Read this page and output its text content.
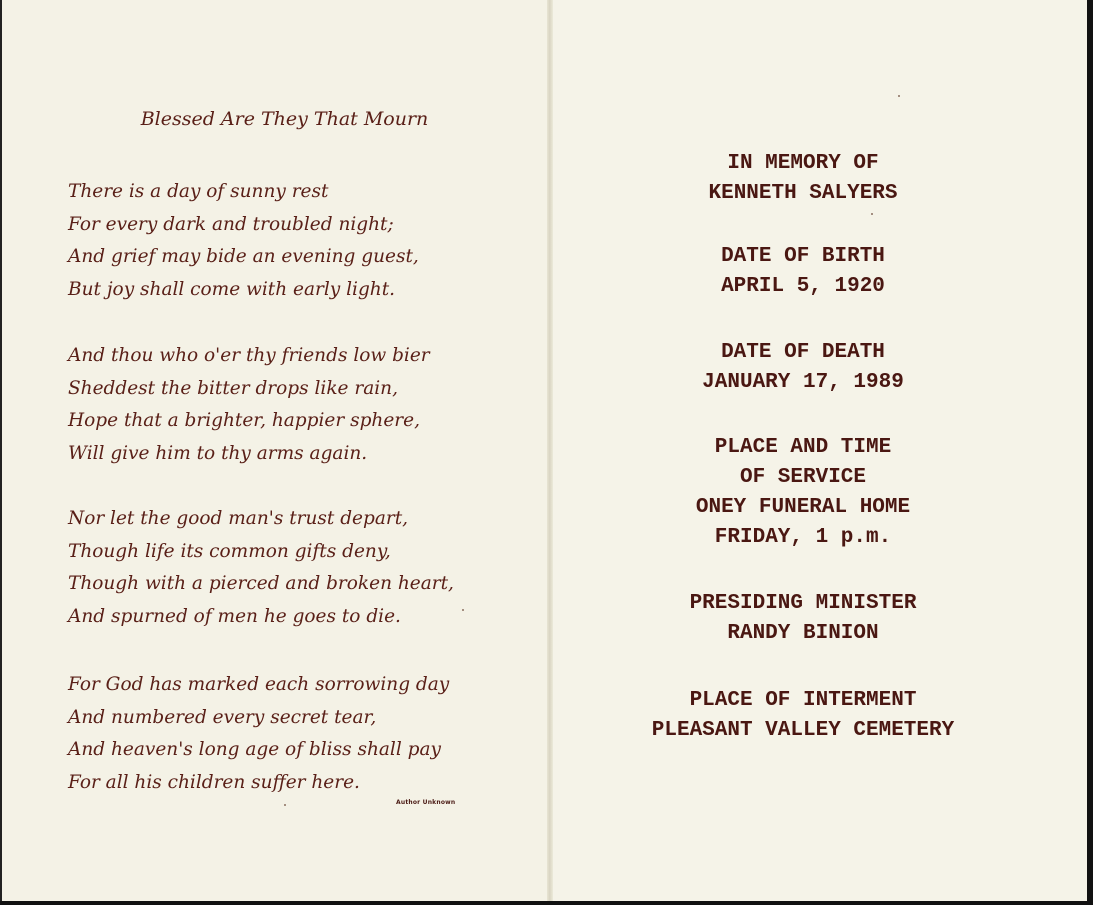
Blessed Are They That Mourn
There is a day of sunny rest
For every dark and troubled night;
And grief may bide an evening guest,
But joy shall come with early light.
And thou who o'er thy friends low bier
Sheddest the bitter drops like rain,
Hope that a brighter, happier sphere,
Will give him to thy arms again.
Nor let the good man's trust depart,
Though life its common gifts deny,
Though with a pierced and broken heart,
And spurned of men he goes to die.
For God has marked each sorrowing day
And numbered every secret tear,
And heaven's long age of bliss shall pay
For all his children suffer here.
Author Unknown
IN MEMORY OF
KENNETH SALYERS
DATE OF BIRTH
APRIL 5, 1920
DATE OF DEATH
JANUARY 17, 1989
PLACE AND TIME
OF SERVICE
ONEY FUNERAL HOME
FRIDAY, 1 p.m.
PRESIDING MINISTER
RANDY BINION
PLACE OF INTERMENT
PLEASANT VALLEY CEMETERY
